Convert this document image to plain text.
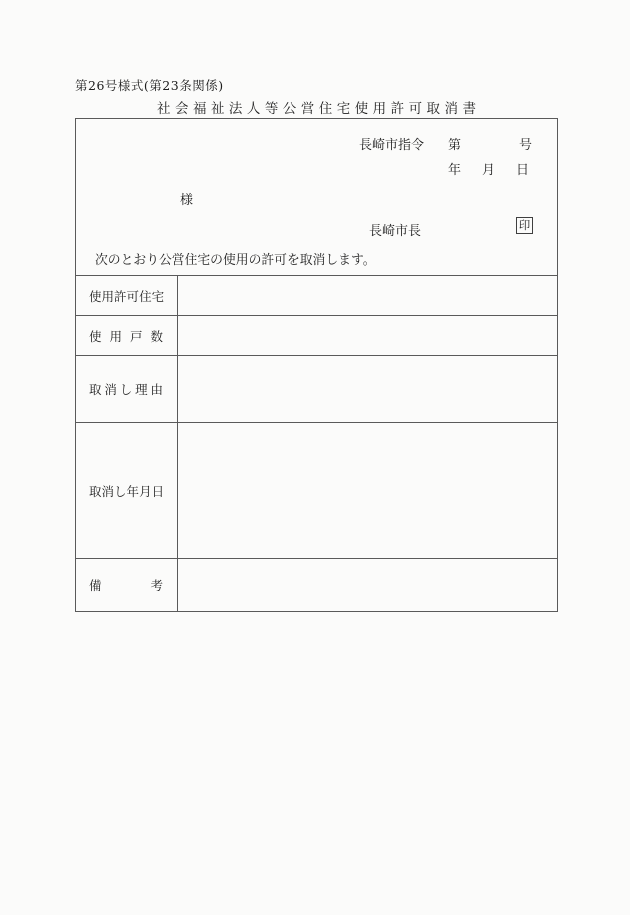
第26号様式(第23条関係)
社 会 福 祉 法 人 等 公 営 住 宅 使 用 許 可 取 消 書
長崎市指令 第	号
年 月 日
様
長崎市長	印
次のとおり公営住宅の使用の許可を取消します。
使 用 許 可 住 宅
使 用 戸 数
取 消 し 理 由
取 消 し 年 月 日
備	考
